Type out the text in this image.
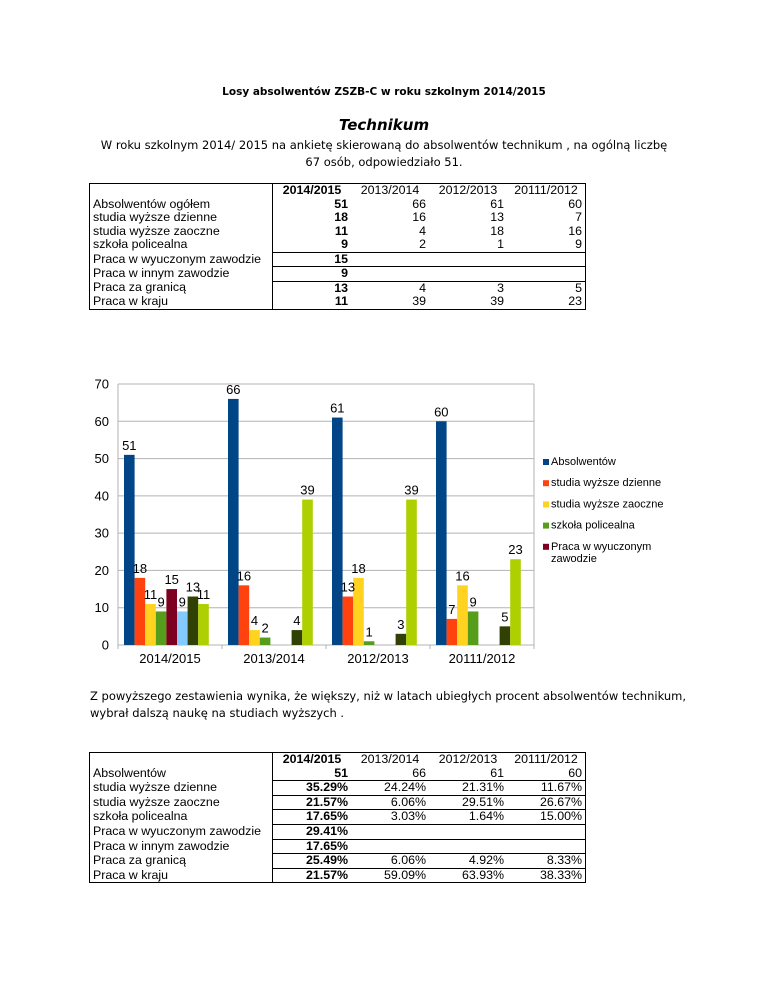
Losy absolwentów ZSZB-C w roku szkolnym 2014/2015
Technikum
W roku szkolnym 2014/ 2015 na ankietę skierowaną do absolwentów technikum , na ogólną liczbę 67 osób, odpowiedziało 51.
	2014/2015	2013/2014	2012/2013	20111/2012
Absolwentów ogółem	51	66	61	60
studia wyższe dzienne	18	16	13	7
studia wyższe zaoczne	11	4	18	16
szkoła policealna	9	2	1	9
Praca w wyuczonym zawodzie	15			
Praca w innym zawodzie	9			
Praca za granicą	13	4	3	5
Praca w kraju	11	39	39	23
0
10
20
30
40
50
60
70
2014/2015	2013/2014	2012/2013	20111/2012
51
18
11 9
15
9
13
11
66
16
4 2 4
39
61
13
18
1 3
39
60
7
16
9
5
23
Absolwentów
studia wyższe dzienne
studia wyższe zaoczne
szkoła policealna
Praca w wyuczonym
zawodzie
Z powyższego zestawienia wynika, że większy, niż w latach ubiegłych procent absolwentów technikum, wybrał dalszą naukę na studiach wyższych .
	2014/2015	2013/2014	2012/2013	20111/2012
Absolwentów	51	66	61	60
studia wyższe dzienne	35.29%	24.24%	21.31%	11.67%
studia wyższe zaoczne	21.57%	6.06%	29.51%	26.67%
szkoła policealna	17.65%	3.03%	1.64%	15.00%
Praca w wyuczonym zawodzie	29.41%			
Praca w innym zawodzie	17.65%			
Praca za granicą	25.49%	6.06%	4.92%	8.33%
Praca w kraju	21.57%	59.09%	63.93%	38.33%
